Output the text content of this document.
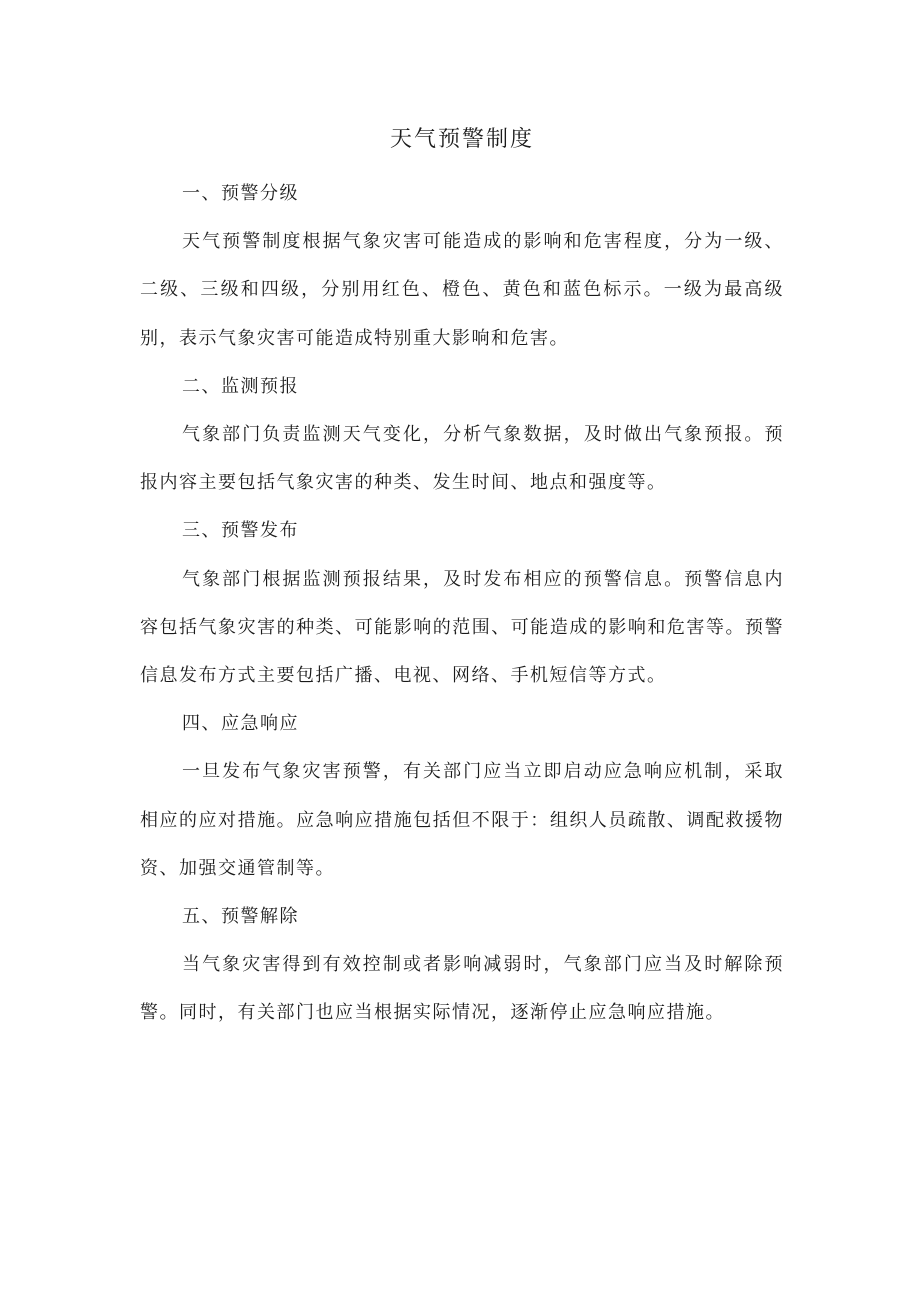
天气预警制度
一、预警分级

天气预警制度根据气象灾害可能造成的影响和危害程度，分为一级、二级、三级和四级，分别用红色、橙色、黄色和蓝色标示。一级为最高级别，表示气象灾害可能造成特别重大影响和危害。

二、监测预报

气象部门负责监测天气变化，分析气象数据，及时做出气象预报。预报内容主要包括气象灾害的种类、发生时间、地点和强度等。

三、预警发布

气象部门根据监测预报结果，及时发布相应的预警信息。预警信息内容包括气象灾害的种类、可能影响的范围、可能造成的影响和危害等。预警信息发布方式主要包括广播、电视、网络、手机短信等方式。

四、应急响应

一旦发布气象灾害预警，有关部门应当立即启动应急响应机制，采取相应的应对措施。应急响应措施包括但不限于：组织人员疏散、调配救援物资、加强交通管制等。

五、预警解除

当气象灾害得到有效控制或者影响减弱时，气象部门应当及时解除预警。同时，有关部门也应当根据实际情况，逐渐停止应急响应措施。
